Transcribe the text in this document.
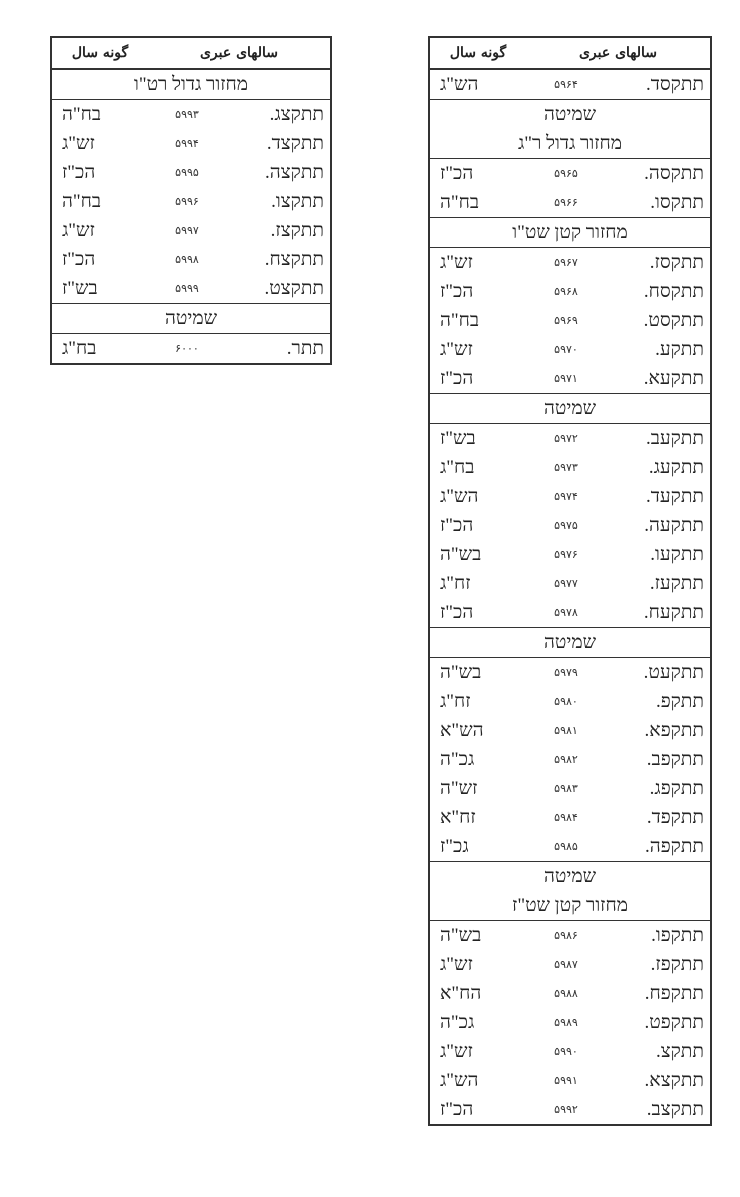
سالهای عبری
گونه سال
מחזור גדול רט"ו
תתקצג.
۵۹۹۳
בח"ה
תתקצד.
۵۹۹۴
זש"ג
תתקצה.
۵۹۹۵
הכ"ז
תתקצו.
۵۹۹۶
בח"ה
תתקצז.
۵۹۹۷
זש"ג
תתקצח.
۵۹۹۸
הכ"ז
תתקצט.
۵۹۹۹
בש"ז
שמיטה
תתר.
۶۰۰۰
בח"ג
سالهای عبری
گونه سال
תתקסד.
۵۹۶۴
הש"ג
שמיטה
מחזור גדול ר"ג
תתקסה.
۵۹۶۵
הכ"ז
תתקסו.
۵۹۶۶
בח"ה
מחזור קטן שט"ו
תתקסז.
۵۹۶۷
זש"ג
תתקסח.
۵۹۶۸
הכ"ז
תתקסט.
۵۹۶۹
בח"ה
תתקע.
۵۹۷۰
זש"ג
תתקעא.
۵۹۷۱
הכ"ז
שמיטה
תתקעב.
۵۹۷۲
בש"ז
תתקעג.
۵۹۷۳
בח"ג
תתקעד.
۵۹۷۴
הש"ג
תתקעה.
۵۹۷۵
הכ"ז
תתקעו.
۵۹۷۶
בש"ה
תתקעז.
۵۹۷۷
זח"ג
תתקעח.
۵۹۷۸
הכ"ז
שמיטה
תתקעט.
۵۹۷۹
בש"ה
תתקפ.
۵۹۸۰
זח"ג
תתקפא.
۵۹۸۱
הש"א
תתקפב.
۵۹۸۲
גכ"ה
תתקפג.
۵۹۸۳
זש"ה
תתקפד.
۵۹۸۴
זח"א
תתקפה.
۵۹۸۵
גכ"ז
שמיטה
מחזור קטן שט"ז
תתקפו.
۵۹۸۶
בש"ה
תתקפז.
۵۹۸۷
זש"ג
תתקפח.
۵۹۸۸
הח"א
תתקפט.
۵۹۸۹
גכ"ה
תתקצ.
۵۹۹۰
זש"ג
תתקצא.
۵۹۹۱
הש"ג
תתקצב.
۵۹۹۲
הכ"ז
